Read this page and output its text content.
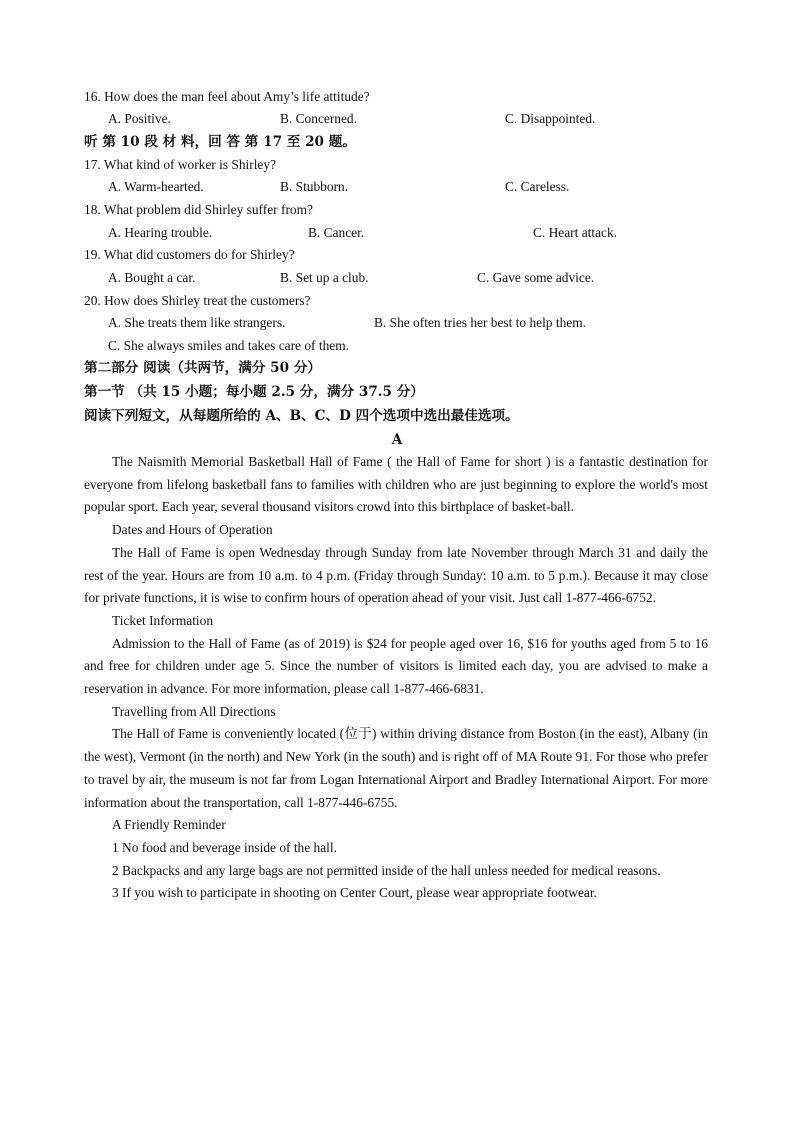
16. How does the man feel about Amy’s life attitude?
A. Positive.	B. Concerned.	C. Disappointed.
听 第 10 段 材 料，回 答 第 17 至 20 题。
17. What kind of worker is Shirley?
A. Warm-hearted.	B. Stubborn.	C. Careless.
18. What problem did Shirley suffer from?
A. Hearing trouble.	B. Cancer.	C. Heart attack.
19. What did customers do for Shirley?
A. Bought a car.	B. Set up a club.	C. Gave some advice.
20. How does Shirley treat the customers?
A. She treats them like strangers.	B. She often tries her best to help them.
C. She always smiles and takes care of them.
第二部分 阅读（共两节，满分 50 分）
第一节 （共 15 小题；每小题 2.5 分，满分 37.5 分）
阅读下列短文，从每题所给的 A、B、C、D 四个选项中选出最佳选项。
A

The Naismith Memorial Basketball Hall of Fame ( the Hall of Fame for short ) is a fantastic destination for everyone from lifelong basketball fans to families with children who are just beginning to explore the world's most popular sport. Each year, several thousand visitors crowd into this birthplace of basket-ball.

Dates and Hours of Operation

The Hall of Fame is open Wednesday through Sunday from late November through March 31 and daily the rest of the year. Hours are from 10 a.m. to 4 p.m. (Friday through Sunday: 10 a.m. to 5 p.m.). Because it may close for private functions, it is wise to confirm hours of operation ahead of your visit. Just call 1-877-466-6752.

Ticket Information

Admission to the Hall of Fame (as of 2019) is $24 for people aged over 16, $16 for youths aged from 5 to 16 and free for children under age 5. Since the number of visitors is limited each day, you are advised to make a reservation in advance. For more information, please call 1-877-466-6831.

Travelling from All Directions

The Hall of Fame is conveniently located (位于) within driving distance from Boston (in the east), Albany (in the west), Vermont (in the north) and New York (in the south) and is right off of MA Route 91. For those who prefer to travel by air, the museum is not far from Logan International Airport and Bradley International Airport. For more information about the transportation, call 1-877-446-6755.

A Friendly Reminder

1 No food and beverage inside of the hall.

2 Backpacks and any large bags are not permitted inside of the hall unless needed for medical reasons.

3 If you wish to participate in shooting on Center Court, please wear appropriate footwear.
